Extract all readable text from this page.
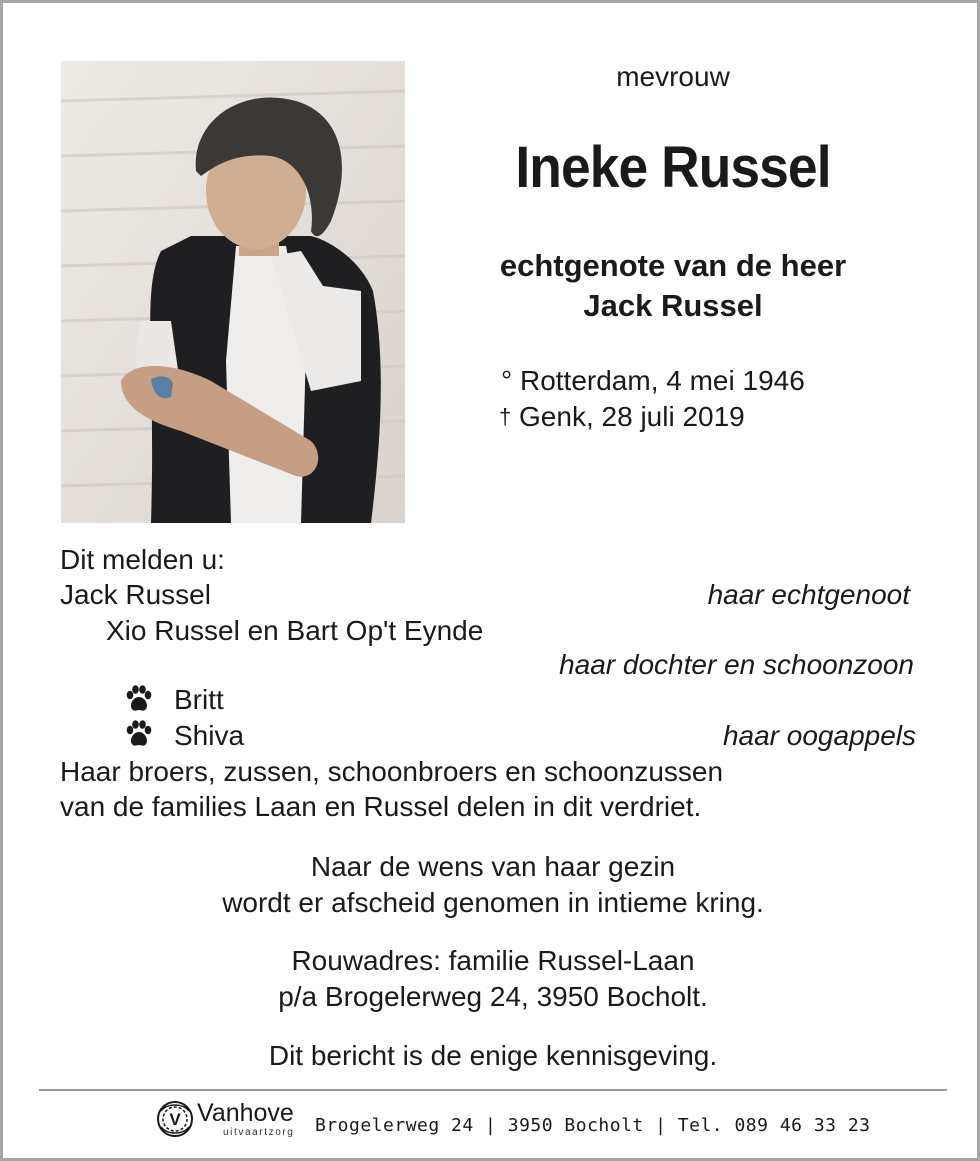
mevrouw
Ineke Russel
echtgenote van de heer
Jack Russel
° Rotterdam, 4 mei 1946
† Genk, 28 juli 2019
Dit melden u:
Jack Russel	haar echtgenoot
Xio Russel en Bart Op't Eynde
haar dochter en schoonzoon
Britt
Shiva	haar oogappels
Haar broers, zussen, schoonbroers en schoonzussen
van de families Laan en Russel delen in dit verdriet.
Naar de wens van haar gezin
wordt er afscheid genomen in intieme kring.
Rouwadres: familie Russel-Laan
p/a Brogelerweg 24, 3950 Bocholt.
Dit bericht is de enige kennisgeving.
V Vanhove
uitvaartzorg Brogelerweg 24 | 3950 Bocholt | Tel. 089 46 33 23
